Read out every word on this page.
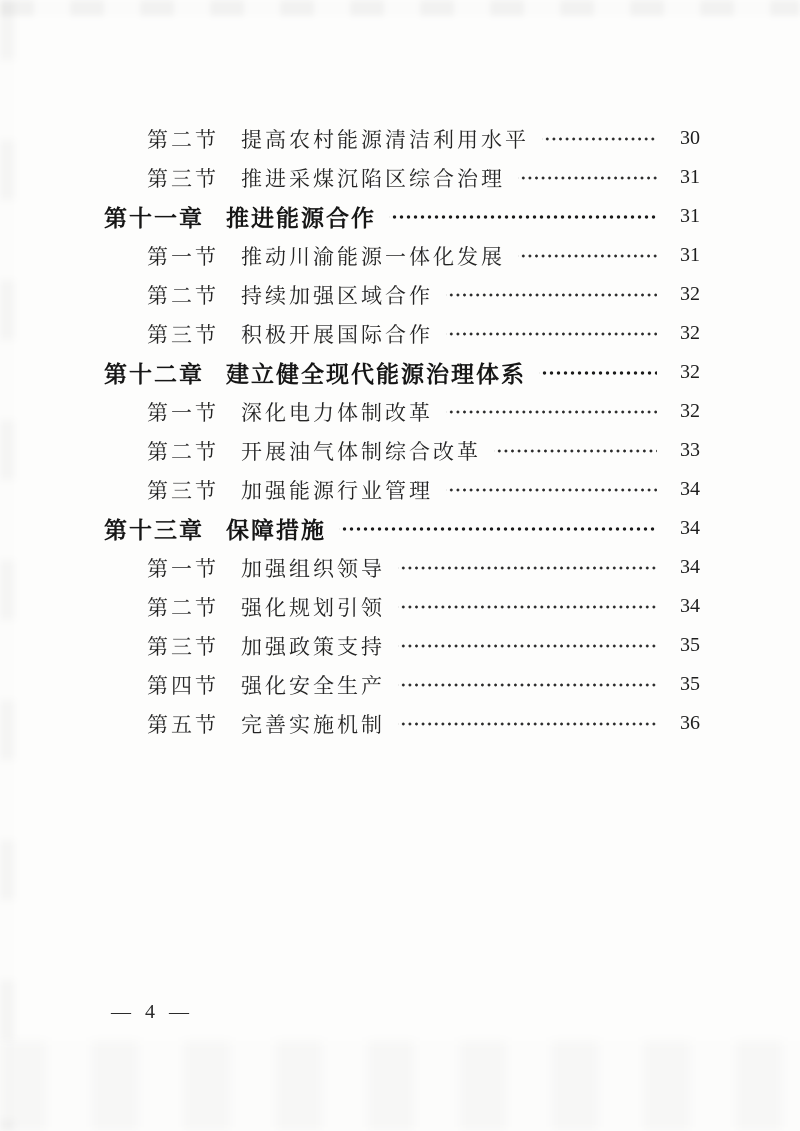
第二节 提高农村能源清洁利用水平	30
第三节 推进采煤沉陷区综合治理	31
第十一章 推进能源合作	31
第一节 推动川渝能源一体化发展	31
第二节 持续加强区域合作	32
第三节 积极开展国际合作	32
第十二章 建立健全现代能源治理体系	32
第一节 深化电力体制改革	32
第二节 开展油气体制综合改革	33
第三节 加强能源行业管理	34
第十三章 保障措施	34
第一节 加强组织领导	34
第二节 强化规划引领	34
第三节 加强政策支持	35
第四节 强化安全生产	35
第五节 完善实施机制	36
— 4 —
